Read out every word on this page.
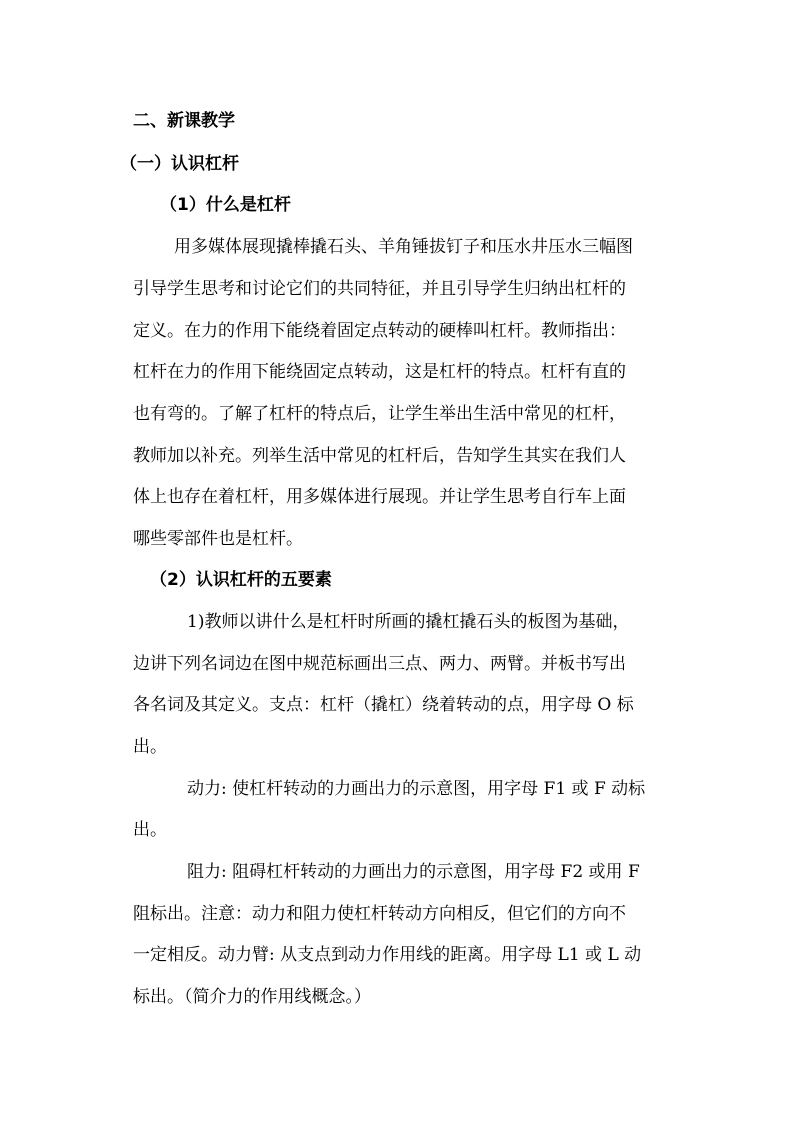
二、新课教学
（一）认识杠杆
（1）什么是杠杆
用多媒体展现撬棒撬石头、羊角锤拔钉子和压水井压水三幅图
引导学生思考和讨论它们的共同特征，并且引导学生归纳出杠杆的
定义。在力的作用下能绕着固定点转动的硬棒叫杠杆。教师指出：
杠杆在力的作用下能绕固定点转动，这是杠杆的特点。杠杆有直的
也有弯的。了解了杠杆的特点后，让学生举出生活中常见的杠杆，
教师加以补充。列举生活中常见的杠杆后，告知学生其实在我们人
体上也存在着杠杆，用多媒体进行展现。并让学生思考自行车上面
哪些零部件也是杠杆。
（2）认识杠杆的五要素
1)教师以讲什么是杠杆时所画的撬杠撬石头的板图为基础，
边讲下列名词边在图中规范标画出三点、两力、两臂。并板书写出
各名词及其定义。支点：杠杆（撬杠）绕着转动的点，用字母 O 标
出。
动力: 使杠杆转动的力画出力的示意图，用字母 F1 或 F 动标
出。
阻力: 阻碍杠杆转动的力画出力的示意图，用字母 F2 或用 F
阻标出。注意：动力和阻力使杠杆转动方向相反，但它们的方向不
一定相反。动力臂: 从支点到动力作用线的距离。用字母 L1 或 L 动
标出。（简介力的作用线概念。）
